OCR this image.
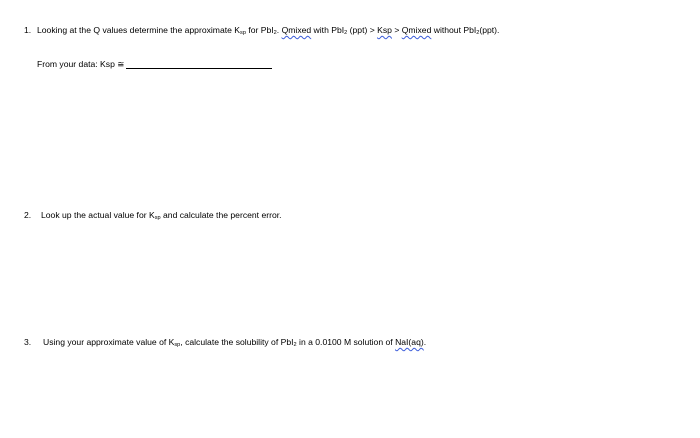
1. Looking at the Q values determine the approximate Ksp for PbI2. Qmixed with PbI2 (ppt) > Ksp > Qmixed without PbI2(ppt).
From your data: Ksp ≅
2. Look up the actual value for Ksp and calculate the percent error.
3. Using your approximate value of Ksp, calculate the solubility of PbI2 in a 0.0100 M solution of NaI(aq).
